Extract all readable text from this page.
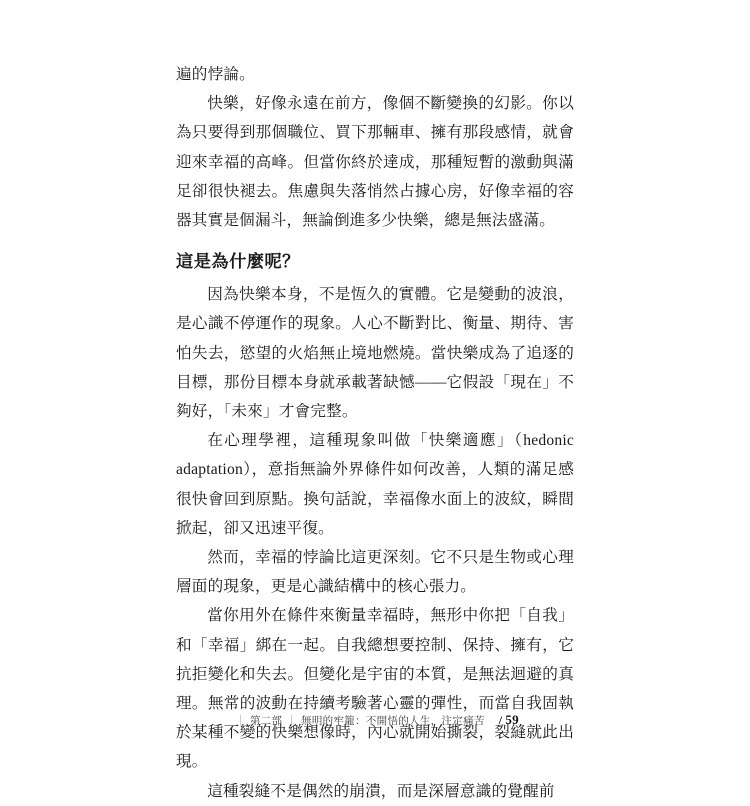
遍的悖論。

快樂，好像永遠在前方，像個不斷變換的幻影。你以為只要得到那個職位、買下那輛車、擁有那段感情，就會迎來幸福的高峰。但當你終於達成，那種短暫的激動與滿足卻很快褪去。焦慮與失落悄然占據心房，好像幸福的容器其實是個漏斗，無論倒進多少快樂，總是無法盛滿。

這是為什麼呢？

因為快樂本身，不是恆久的實體。它是變動的波浪，是心識不停運作的現象。人心不斷對比、衡量、期待、害怕失去，慾望的火焰無止境地燃燒。當快樂成為了追逐的目標，那份目標本身就承載著缺憾——它假設「現在」不夠好，「未來」才會完整。

在心理學裡，這種現象叫做「快樂適應」（hedonic adaptation），意指無論外界條件如何改善，人類的滿足感很快會回到原點。換句話說，幸福像水面上的波紋，瞬間掀起，卻又迅速平復。

然而，幸福的悖論比這更深刻。它不只是生物或心理層面的現象，更是心識結構中的核心張力。

當你用外在條件來衡量幸福時，無形中你把「自我」和「幸福」綁在一起。自我總想要控制、保持、擁有，它抗拒變化和失去。但變化是宇宙的本質，是無法迴避的真理。無常的波動在持續考驗著心靈的彈性，而當自我固執於某種不變的快樂想像時，內心就開始撕裂，裂縫就此出現。

這種裂縫不是偶然的崩潰，而是深層意識的覺醒前

｜ 第二部 ｜ 無明的牢籠：不開悟的人生，注定痛苦 / 59
